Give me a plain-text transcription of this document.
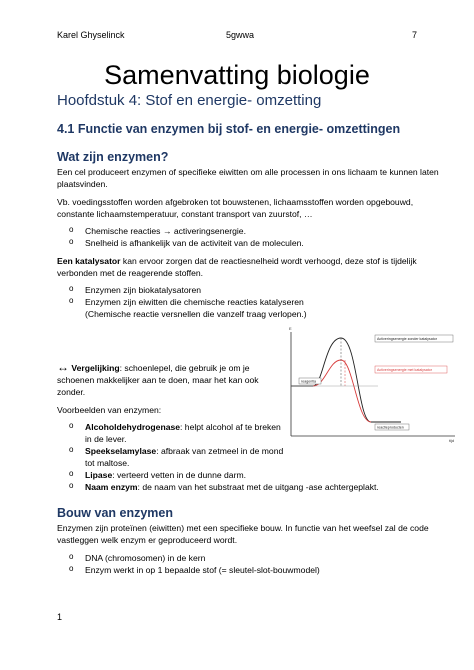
Karel Ghyselinck	5gwwa	7
Samenvatting biologie
Hoofdstuk 4: Stof en energie- omzetting
4.1 Functie van enzymen bij stof- en energie- omzettingen
Wat zijn enzymen?
Een cel produceert enzymen of specifieke eiwitten om alle processen in ons lichaam te kunnen laten
plaatsvinden.
Vb. voedingsstoffen worden afgebroken tot bouwstenen, lichaamsstoffen worden opgebouwd,
constante lichaamstemperatuur, constant transport van zuurstof, …
o Chemische reacties → activeringsenergie.
o Snelheid is afhankelijk van de activiteit van de moleculen.
Een katalysator kan ervoor zorgen dat de reactiesnelheid wordt verhoogd, deze stof is tijdelijk
verbonden met de reagerende stoffen.
o Enzymen zijn biokatalysatoren
o Enzymen zijn eiwitten die chemische reacties katalyseren
(Chemische reactie versnellen die vanzelf traag verlopen.)
↔ Vergelijking: schoenlepel, die gebruik je om je
schoenen makkelijker aan te doen, maar het kan ook
zonder.
Voorbeelden van enzymen:
o Alcoholdehydrogenase: helpt alcohol af te breken
in de lever.
o Speekselamylase: afbraak van zetmeel in de mond
tot maltose.
o Lipase: verteerd vetten in de dunne darm.
o Naam enzym: de naam van het substraat met de uitgang -ase achtergeplakt.
E
tijd
Activeringsenergie zonder katalysator
Activeringsenergie met katalysator
reagentia
reactieproducten
Bouw van enzymen
Enzymen zijn proteïnen (eiwitten) met een specifieke bouw. In functie van het weefsel zal de code
vastleggen welk enzym er geproduceerd wordt.
o DNA (chromosomen) in de kern
o Enzym werkt in op 1 bepaalde stof (= sleutel-slot-bouwmodel)
1
